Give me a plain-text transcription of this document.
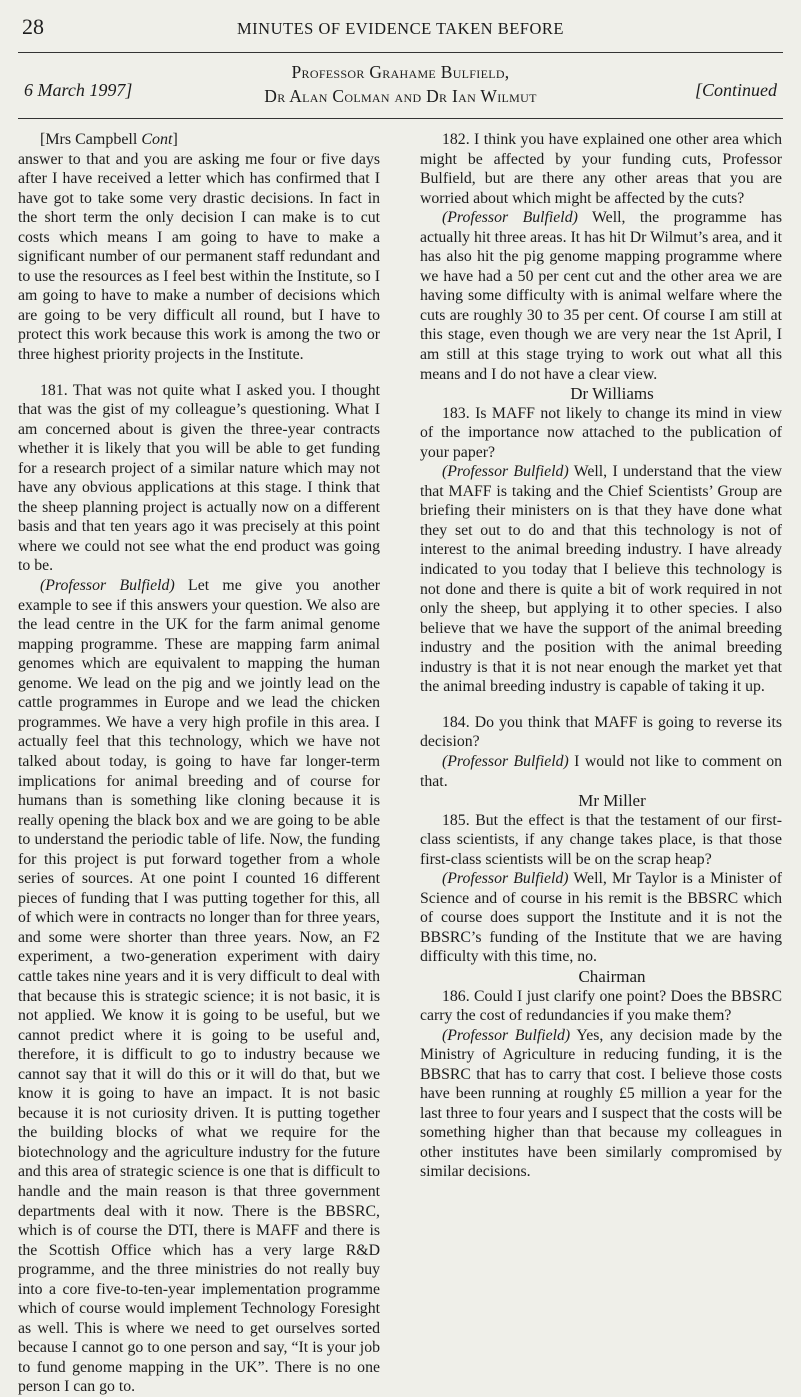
28	MINUTES OF EVIDENCE TAKEN BEFORE
6 March 1997]
Professor Grahame Bulfield,
Dr Alan Colman and Dr Ian Wilmut	[Continued

[Mrs Campbell Cont]

answer to that and you are asking me four or five days after I have received a letter which has confirmed that I have got to take some very drastic decisions. In fact in the short term the only decision I can make is to cut costs which means I am going to have to make a significant number of our permanent staff redundant and to use the resources as I feel best within the Institute, so I am going to have to make a number of decisions which are going to be very difficult all round, but I have to protect this work because this work is among the two or three highest priority projects in the Institute.

181. That was not quite what I asked you. I thought that was the gist of my colleague’s questioning. What I am concerned about is given the three-year contracts whether it is likely that you will be able to get funding for a research project of a similar nature which may not have any obvious applications at this stage. I think that the sheep planning project is actually now on a different basis and that ten years ago it was precisely at this point where we could not see what the end product was going to be.

(Professor Bulfield) Let me give you another example to see if this answers your question. We also are the lead centre in the UK for the farm animal genome mapping programme. These are mapping farm animal genomes which are equivalent to mapping the human genome. We lead on the pig and we jointly lead on the cattle programmes in Europe and we lead the chicken programmes. We have a very high profile in this area. I actually feel that this technology, which we have not talked about today, is going to have far longer-term implications for animal breeding and of course for humans than is something like cloning because it is really opening the black box and we are going to be able to understand the periodic table of life. Now, the funding for this project is put forward together from a whole series of sources. At one point I counted 16 different pieces of funding that I was putting together for this, all of which were in contracts no longer than for three years, and some were shorter than three years. Now, an F2 experiment, a two-generation experiment with dairy cattle takes nine years and it is very difficult to deal with that because this is strategic science; it is not basic, it is not applied. We know it is going to be useful, but we cannot predict where it is going to be useful and, therefore, it is difficult to go to industry because we cannot say that it will do this or it will do that, but we know it is going to have an impact. It is not basic because it is not curiosity driven. It is putting together the building blocks of what we require for the biotechnology and the agriculture industry for the future and this area of strategic science is one that is difficult to handle and the main reason is that three government departments deal with it now. There is the BBSRC, which is of course the DTI, there is MAFF and there is the Scottish Office which has a very large R&D programme, and the three ministries do not really buy into a core five-to-ten-year implementation programme which of course would implement Technology Foresight as well. This is where we need to get ourselves sorted because I cannot go to one person and say, “It is your job to fund genome mapping in the UK”. There is no one person I can go to.

182. I think you have explained one other area which might be affected by your funding cuts, Professor Bulfield, but are there any other areas that you are worried about which might be affected by the cuts?

(Professor Bulfield) Well, the programme has actually hit three areas. It has hit Dr Wilmut’s area, and it has also hit the pig genome mapping programme where we have had a 50 per cent cut and the other area we are having some difficulty with is animal welfare where the cuts are roughly 30 to 35 per cent. Of course I am still at this stage, even though we are very near the 1st April, I am still at this stage trying to work out what all this means and I do not have a clear view.

Dr Williams

183. Is MAFF not likely to change its mind in view of the importance now attached to the publication of your paper?

(Professor Bulfield) Well, I understand that the view that MAFF is taking and the Chief Scientists’ Group are briefing their ministers on is that they have done what they set out to do and that this technology is not of interest to the animal breeding industry. I have already indicated to you today that I believe this technology is not done and there is quite a bit of work required in not only the sheep, but applying it to other species. I also believe that we have the support of the animal breeding industry and the position with the animal breeding industry is that it is not near enough the market yet that the animal breeding industry is capable of taking it up.

184. Do you think that MAFF is going to reverse its decision?

(Professor Bulfield) I would not like to comment on that.

Mr Miller

185. But the effect is that the testament of our first-class scientists, if any change takes place, is that those first-class scientists will be on the scrap heap?

(Professor Bulfield) Well, Mr Taylor is a Minister of Science and of course in his remit is the BBSRC which of course does support the Institute and it is not the BBSRC’s funding of the Institute that we are having difficulty with this time, no.

Chairman

186. Could I just clarify one point? Does the BBSRC carry the cost of redundancies if you make them?

(Professor Bulfield) Yes, any decision made by the Ministry of Agriculture in reducing funding, it is the BBSRC that has to carry that cost. I believe those costs have been running at roughly £5 million a year for the last three to four years and I suspect that the costs will be something higher than that because my colleagues in other institutes have been similarly compromised by similar decisions.
